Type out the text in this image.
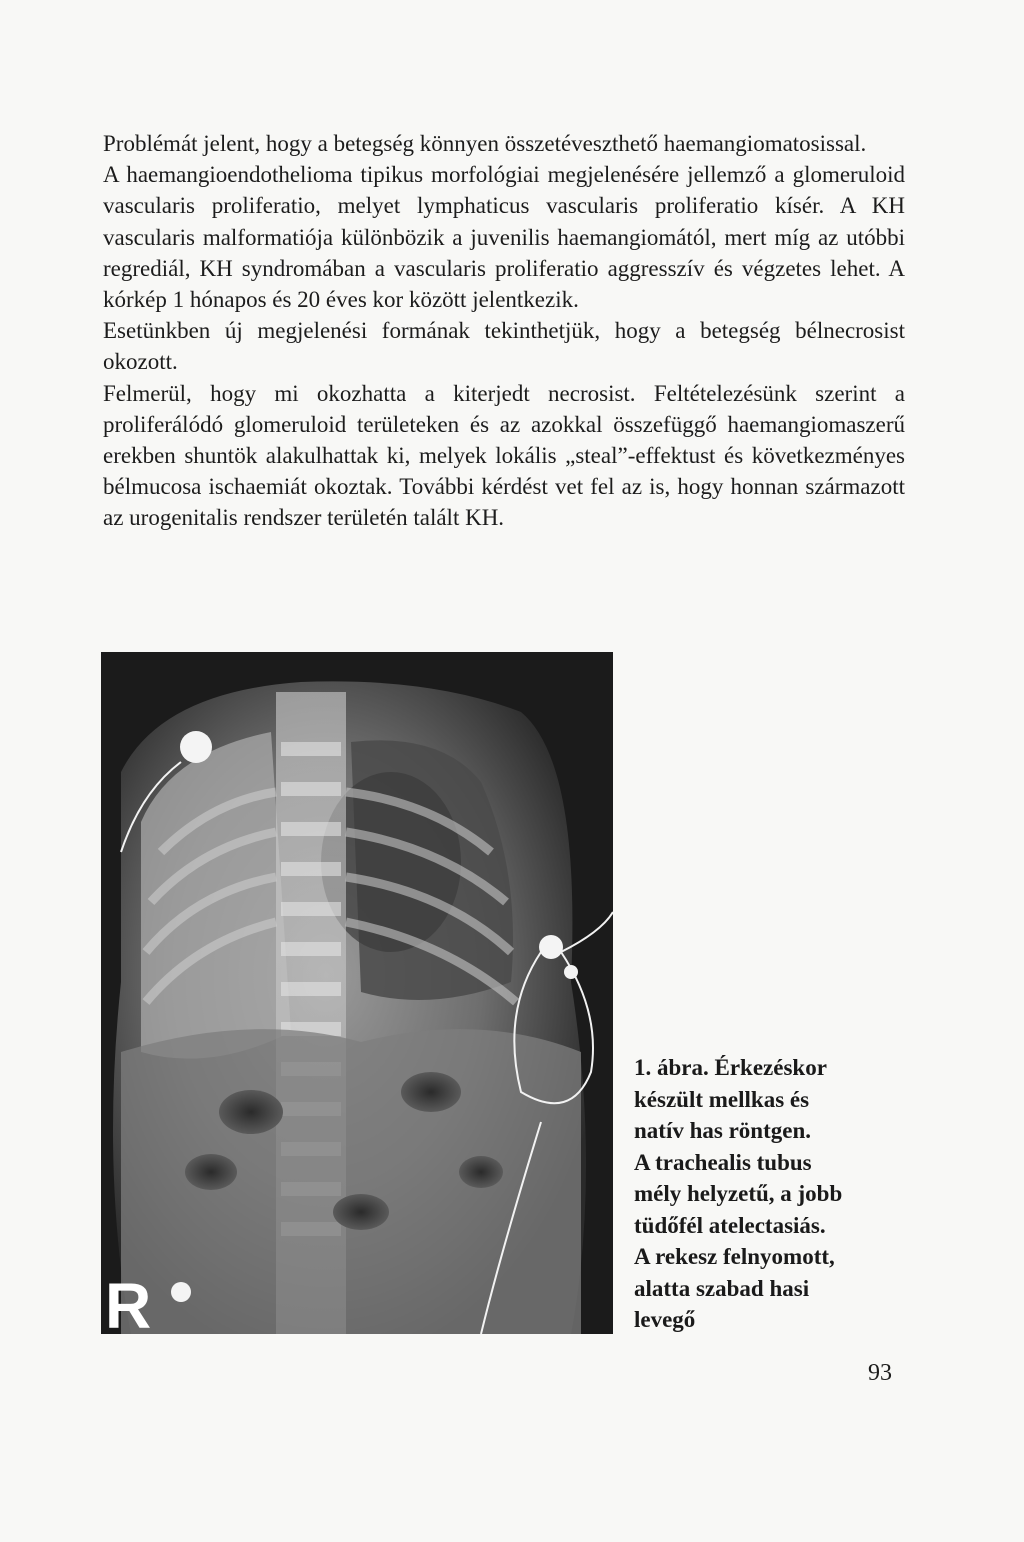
Problémát jelent, hogy a betegség könnyen összetéveszthető haemangiomatosissal.

A haemangioendothelioma tipikus morfológiai megjelenésére jellemző a glomeruloid vascularis proliferatio, melyet lymphaticus vascularis proliferatio kísér. A KH vascularis malformatiója különbözik a juvenilis haemangiomától, mert míg az utóbbi regrediál, KH syndromában a vascularis proliferatio aggresszív és végzetes lehet. A kórkép 1 hónapos és 20 éves kor között jelentkezik.

Esetünkben új megjelenési formának tekinthetjük, hogy a betegség bélnecrosist okozott.

Felmerül, hogy mi okozhatta a kiterjedt necrosist. Feltételezésünk szerint a proliferálódó glomeruloid területeken és az azokkal összefüggő haemangiomaszerű erekben shuntök alakulhattak ki, melyek lokális „steal”-effektust és következményes bélmucosa ischaemiát okoztak. További kérdést vet fel az is, hogy honnan származott az urogenitalis rendszer területén talált KH.

R
1. ábra. Érkezéskor
készült mellkas és
natív has röntgen.
A trachealis tubus
mély helyzetű, a jobb
tüdőfél atelectasiás.
A rekesz felnyomott,
alatta szabad hasi
levegő
93
